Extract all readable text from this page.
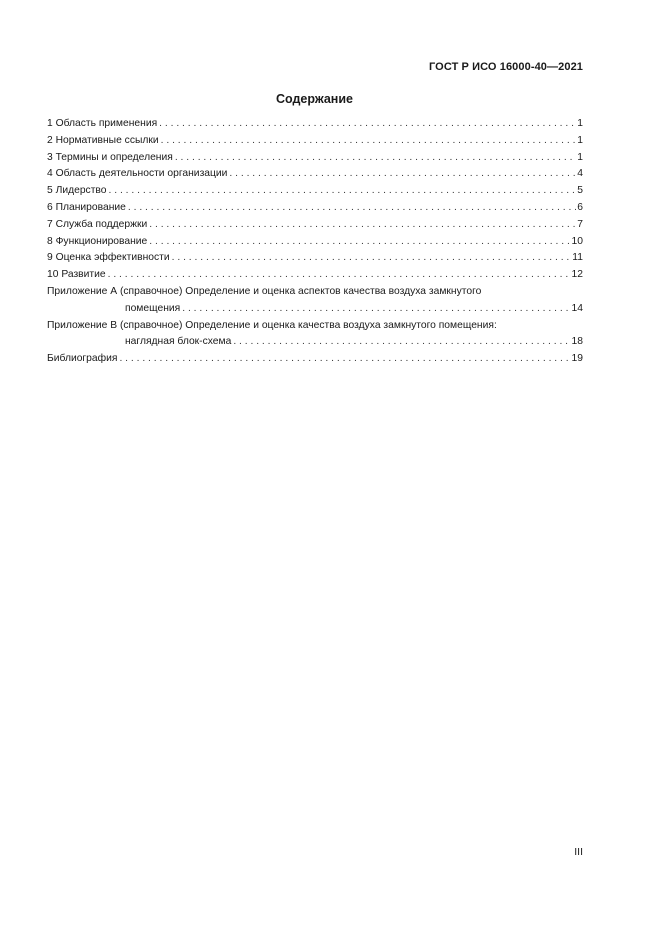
ГОСТ Р ИСО 16000-40—2021
Содержание
1 Область применения . . .	1
2 Нормативные ссылки . . .	1
3 Термины и определения . . .	1
4 Область деятельности организации . . .	4
5 Лидерство . . .	5
6 Планирование . . .	6
7 Служба поддержки . . .	7
8 Функционирование . . .	10
9 Оценка эффективности . . .	11
10 Развитие . . .	12
Приложение А (справочное) Определение и оценка аспектов качества воздуха замкнутого
помещения . . .	14
Приложение В (справочное) Определение и оценка качества воздуха замкнутого помещения:
наглядная блок-схема . . .	18
Библиография . . .	19
III
